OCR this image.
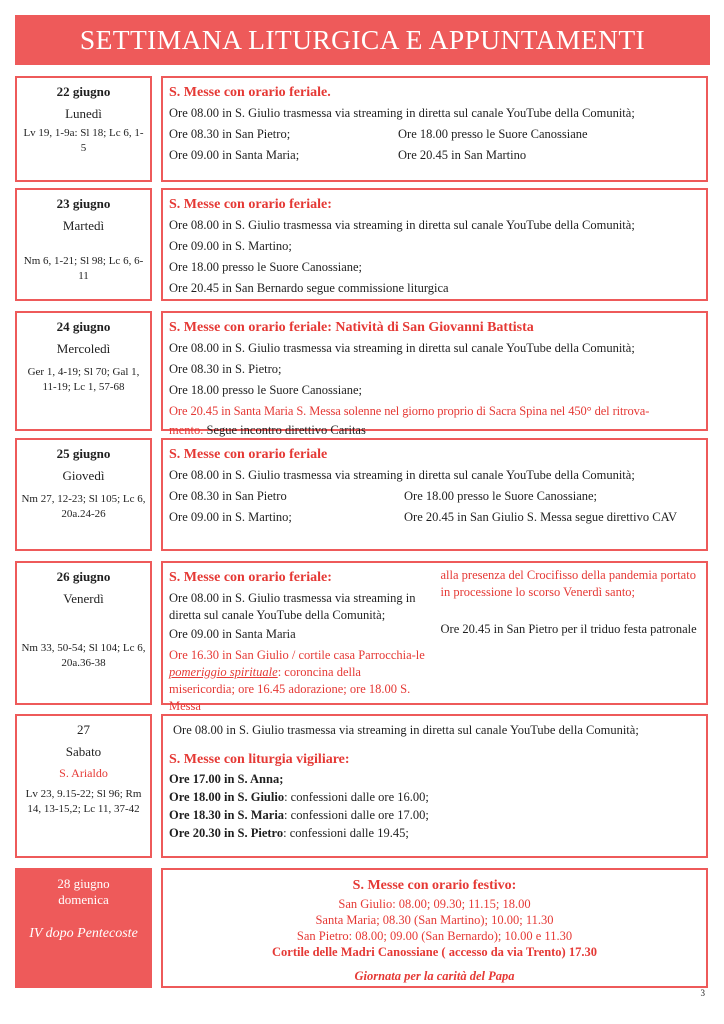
SETTIMANA LITURGICA E APPUNTAMENTI
22 giugno
Lunedì
Lv 19, 1-9a: Sl 18; Lc 6, 1-5
S. Messe con orario feriale.
Ore 08.00 in S. Giulio trasmessa via streaming in diretta sul canale YouTube della Comunità;
Ore 08.30 in San Pietro;	Ore 18.00 presso le Suore Canossiane
Ore 09.00 in Santa Maria;	Ore 20.45 in San Martino
23 giugno
Martedì
Nm 6, 1-21; Sl 98; Lc 6, 6-11
S. Messe con orario feriale:
Ore 08.00 in S. Giulio trasmessa via streaming in diretta sul canale YouTube della Comunità;
Ore 09.00 in S. Martino;
Ore 18.00 presso le Suore Canossiane;
Ore 20.45 in San Bernardo segue commissione liturgica
24 giugno
Mercoledì
Ger 1, 4-19; Sl 70; Gal 1, 11-19; Lc 1, 57-68
S. Messe con orario feriale: Natività di San Giovanni Battista
Ore 08.00 in S. Giulio trasmessa via streaming in diretta sul canale YouTube della Comunità;
Ore 08.30 in S. Pietro;
Ore 18.00 presso le Suore Canossiane;
Ore 20.45 in Santa Maria S. Messa solenne nel giorno proprio di Sacra Spina nel 450° del ritrova-
mento. Segue incontro direttivo Caritas
25 giugno
Giovedì
Nm 27, 12-23; Sl 105; Lc 6, 20a.24-26
S. Messe con orario feriale
Ore 08.00 in S. Giulio trasmessa via streaming in diretta sul canale YouTube della Comunità;
Ore 08.30 in San Pietro	Ore 18.00 presso le Suore Canossiane;
Ore 09.00 in S. Martino;	Ore 20.45 in San Giulio S. Messa segue direttivo CAV
26 giugno
Venerdì
Nm 33, 50-54; Sl 104; Lc 6, 20a.36-38
S. Messe con orario feriale:
Ore 08.00 in S. Giulio trasmessa via streaming in diretta sul canale YouTube della Comunità;
Ore 09.00 in Santa Maria
Ore 16.30 in San Giulio / cortile casa Parrocchia-le pomeriggio spirituale: coroncina della misericordia; ore 16.45 adorazione; ore 18.00 S. Messa
alla presenza del Crocifisso della pandemia portato in processione lo scorso Venerdì santo;
Ore 20.45 in San Pietro per il triduo festa patronale
27
Sabato
S. Arialdo
Lv 23, 9.15-22; Sl 96; Rm 14, 13-15,2; Lc 11, 37-42
Ore 08.00 in S. Giulio trasmessa via streaming in diretta sul canale YouTube della Comunità;
S. Messe con liturgia vigiliare:
Ore 17.00 in S. Anna;
Ore 18.00 in S. Giulio: confessioni dalle ore 16.00;
Ore 18.30 in S. Maria: confessioni dalle ore 17.00;
Ore 20.30 in S. Pietro: confessioni dalle 19.45;
28 giugno
domenica
IV dopo Pentecoste
S. Messe con orario festivo:
San Giulio: 08.00; 09.30; 11.15; 18.00
Santa Maria; 08.30 (San Martino); 10.00; 11.30
San Pietro: 08.00; 09.00 (San Bernardo); 10.00 e 11.30
Cortile delle Madri Canossiane ( accesso da via Trento) 17.30
Giornata per la carità del Papa
3
